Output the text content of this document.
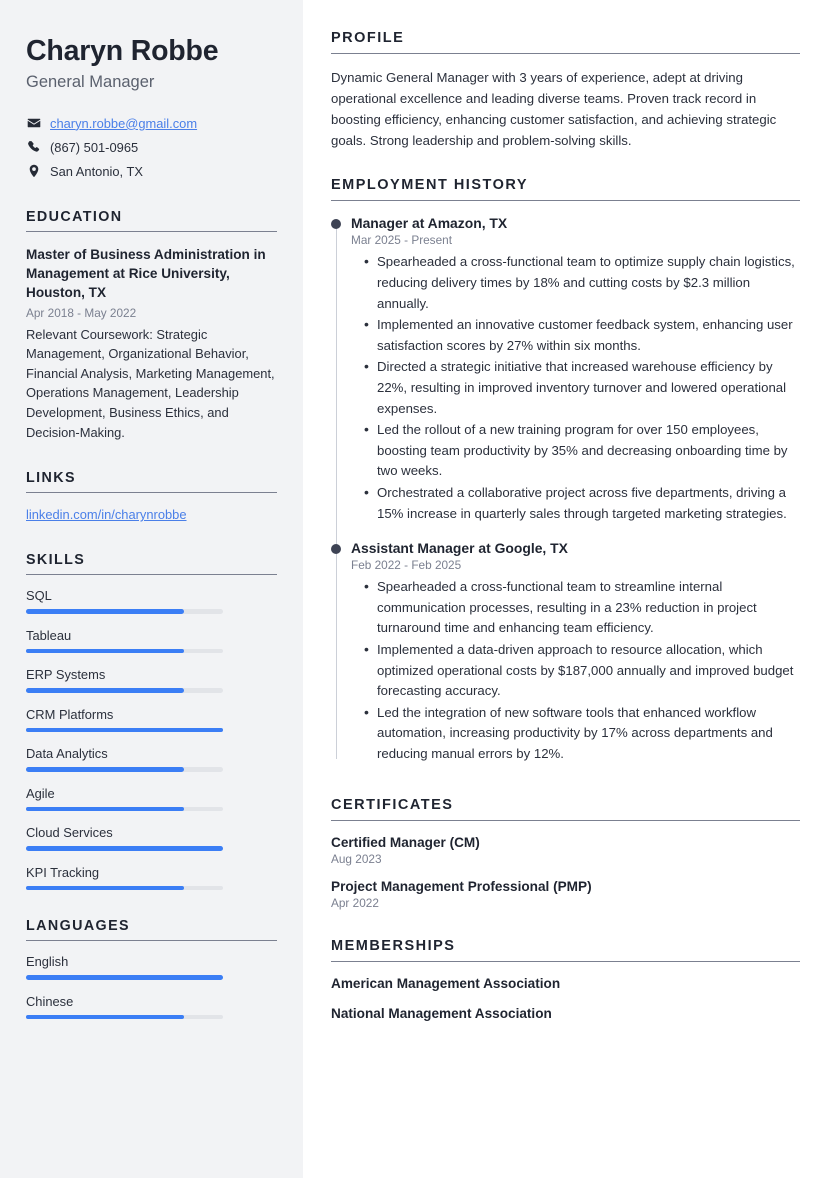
Charyn Robbe
General Manager
charyn.robbe@gmail.com
(867) 501-0965
San Antonio, TX
EDUCATION
Master of Business Administration in Management at Rice University, Houston, TX
Apr 2018 - May 2022
Relevant Coursework: Strategic Management, Organizational Behavior, Financial Analysis, Marketing Management, Operations Management, Leadership Development, Business Ethics, and Decision-Making.
LINKS
linkedin.com/in/charynrobbe
SKILLS
SQL
Tableau
ERP Systems
CRM Platforms
Data Analytics
Agile
Cloud Services
KPI Tracking
LANGUAGES
English
Chinese
PROFILE

Dynamic General Manager with 3 years of experience, adept at driving operational excellence and leading diverse teams. Proven track record in boosting efficiency, enhancing customer satisfaction, and achieving strategic goals. Strong leadership and problem-solving skills.

EMPLOYMENT HISTORY
Manager at Amazon, TX
Mar 2025 - Present
• Spearheaded a cross-functional team to optimize supply chain logistics, reducing delivery times by 18% and cutting costs by $2.3 million annually.
• Implemented an innovative customer feedback system, enhancing user satisfaction scores by 27% within six months.
• Directed a strategic initiative that increased warehouse efficiency by 22%, resulting in improved inventory turnover and lowered operational expenses.
• Led the rollout of a new training program for over 150 employees, boosting team productivity by 35% and decreasing onboarding time by two weeks.
• Orchestrated a collaborative project across five departments, driving a 15% increase in quarterly sales through targeted marketing strategies.
Assistant Manager at Google, TX
Feb 2022 - Feb 2025
• Spearheaded a cross-functional team to streamline internal communication processes, resulting in a 23% reduction in project turnaround time and enhancing team efficiency.
• Implemented a data-driven approach to resource allocation, which optimized operational costs by $187,000 annually and improved budget forecasting accuracy.
• Led the integration of new software tools that enhanced workflow automation, increasing productivity by 17% across departments and reducing manual errors by 12%.
CERTIFICATES
Certified Manager (CM)
Aug 2023
Project Management Professional (PMP)
Apr 2022
MEMBERSHIPS
American Management Association
National Management Association
